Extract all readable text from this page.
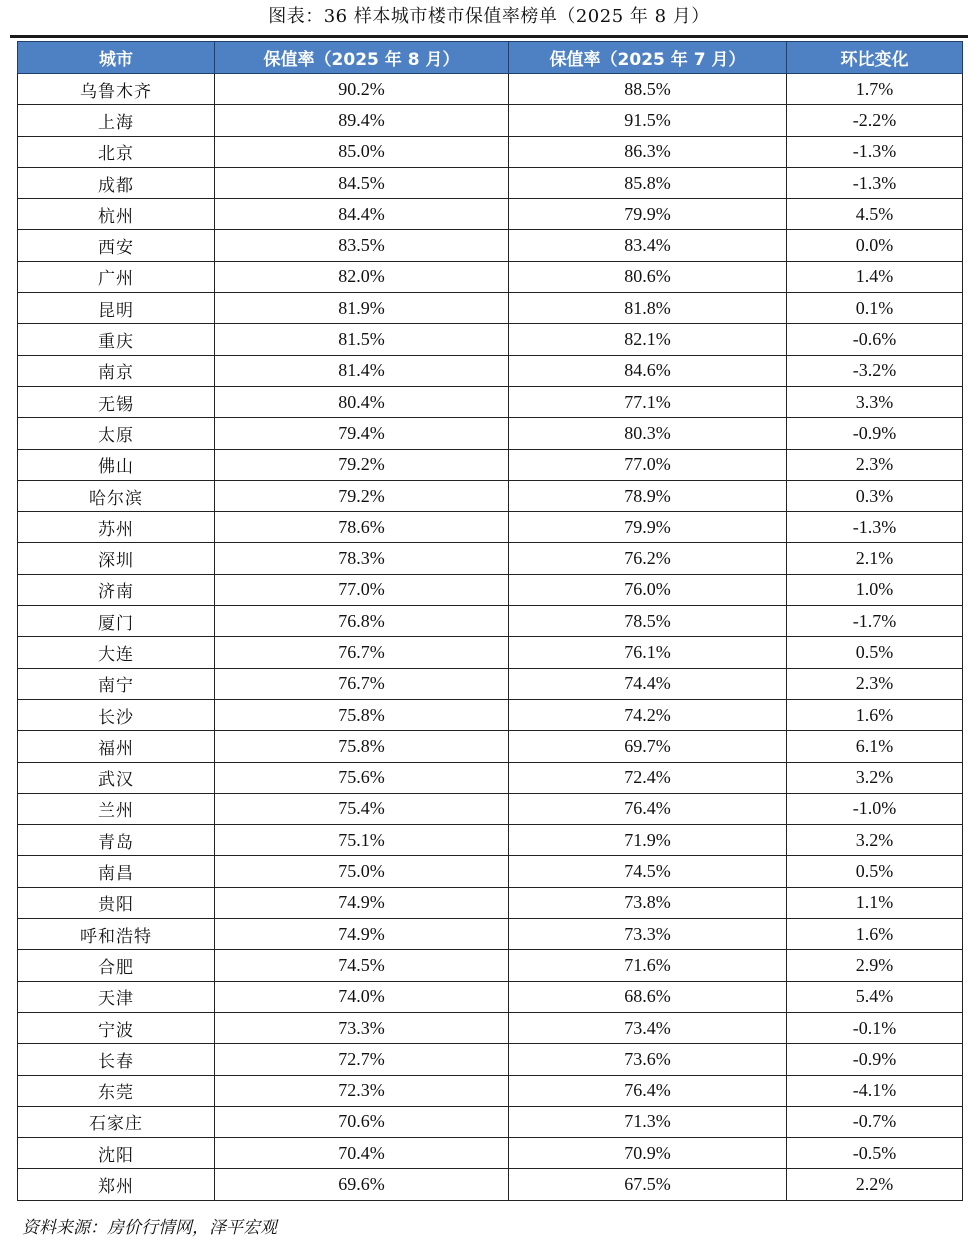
图表：36 样本城市楼市保值率榜单（2025 年 8 月）
城市	保值率（2025 年 8 月）	保值率（2025 年 7 月）	环比变化
乌鲁木齐	90.2%	88.5%	1.7%
上海	89.4%	91.5%	-2.2%
北京	85.0%	86.3%	-1.3%
成都	84.5%	85.8%	-1.3%
杭州	84.4%	79.9%	4.5%
西安	83.5%	83.4%	0.0%
广州	82.0%	80.6%	1.4%
昆明	81.9%	81.8%	0.1%
重庆	81.5%	82.1%	-0.6%
南京	81.4%	84.6%	-3.2%
无锡	80.4%	77.1%	3.3%
太原	79.4%	80.3%	-0.9%
佛山	79.2%	77.0%	2.3%
哈尔滨	79.2%	78.9%	0.3%
苏州	78.6%	79.9%	-1.3%
深圳	78.3%	76.2%	2.1%
济南	77.0%	76.0%	1.0%
厦门	76.8%	78.5%	-1.7%
大连	76.7%	76.1%	0.5%
南宁	76.7%	74.4%	2.3%
长沙	75.8%	74.2%	1.6%
福州	75.8%	69.7%	6.1%
武汉	75.6%	72.4%	3.2%
兰州	75.4%	76.4%	-1.0%
青岛	75.1%	71.9%	3.2%
南昌	75.0%	74.5%	0.5%
贵阳	74.9%	73.8%	1.1%
呼和浩特	74.9%	73.3%	1.6%
合肥	74.5%	71.6%	2.9%
天津	74.0%	68.6%	5.4%
宁波	73.3%	73.4%	-0.1%
长春	72.7%	73.6%	-0.9%
东莞	72.3%	76.4%	-4.1%
石家庄	70.6%	71.3%	-0.7%
沈阳	70.4%	70.9%	-0.5%
郑州	69.6%	67.5%	2.2%
资料来源：房价行情网，泽平宏观
